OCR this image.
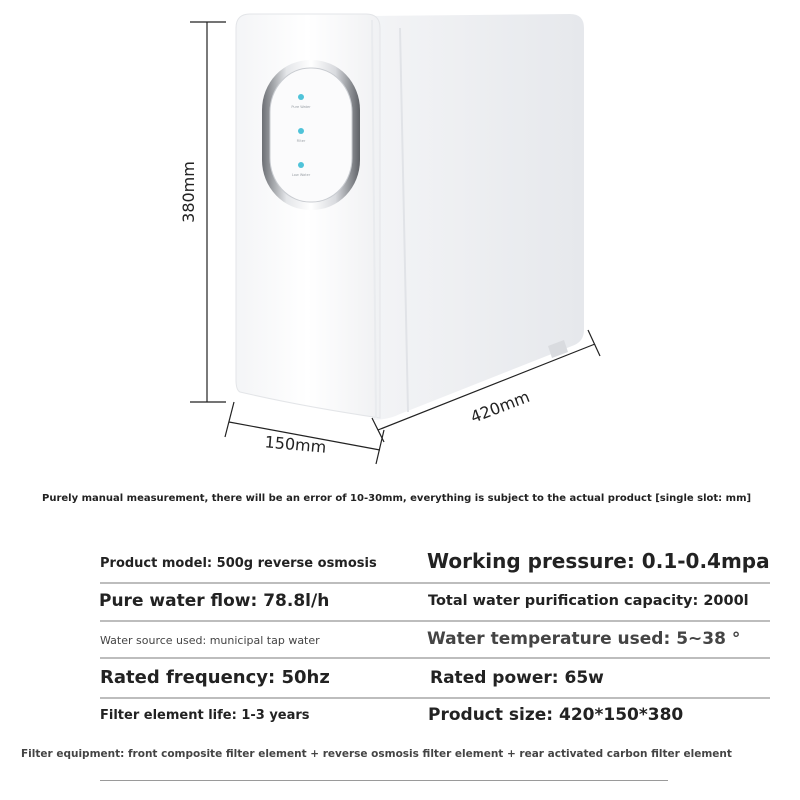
Pure Water
Filter
Low Water
380mm
150mm
420mm
Purely manual measurement, there will be an error of 10-30mm, everything is subject to the actual product [single slot: mm]
Product model: 500g reverse osmosis	Working pressure: 0.1-0.4mpa
Pure water flow: 78.8l/h	Total water purification capacity: 2000l
Water source used: municipal tap water	Water temperature used: 5~38 °
Rated frequency: 50hz	Rated power: 65w
Filter element life: 1-3 years	Product size: 420*150*380
Filter equipment: front composite filter element + reverse osmosis filter element + rear activated carbon filter element
